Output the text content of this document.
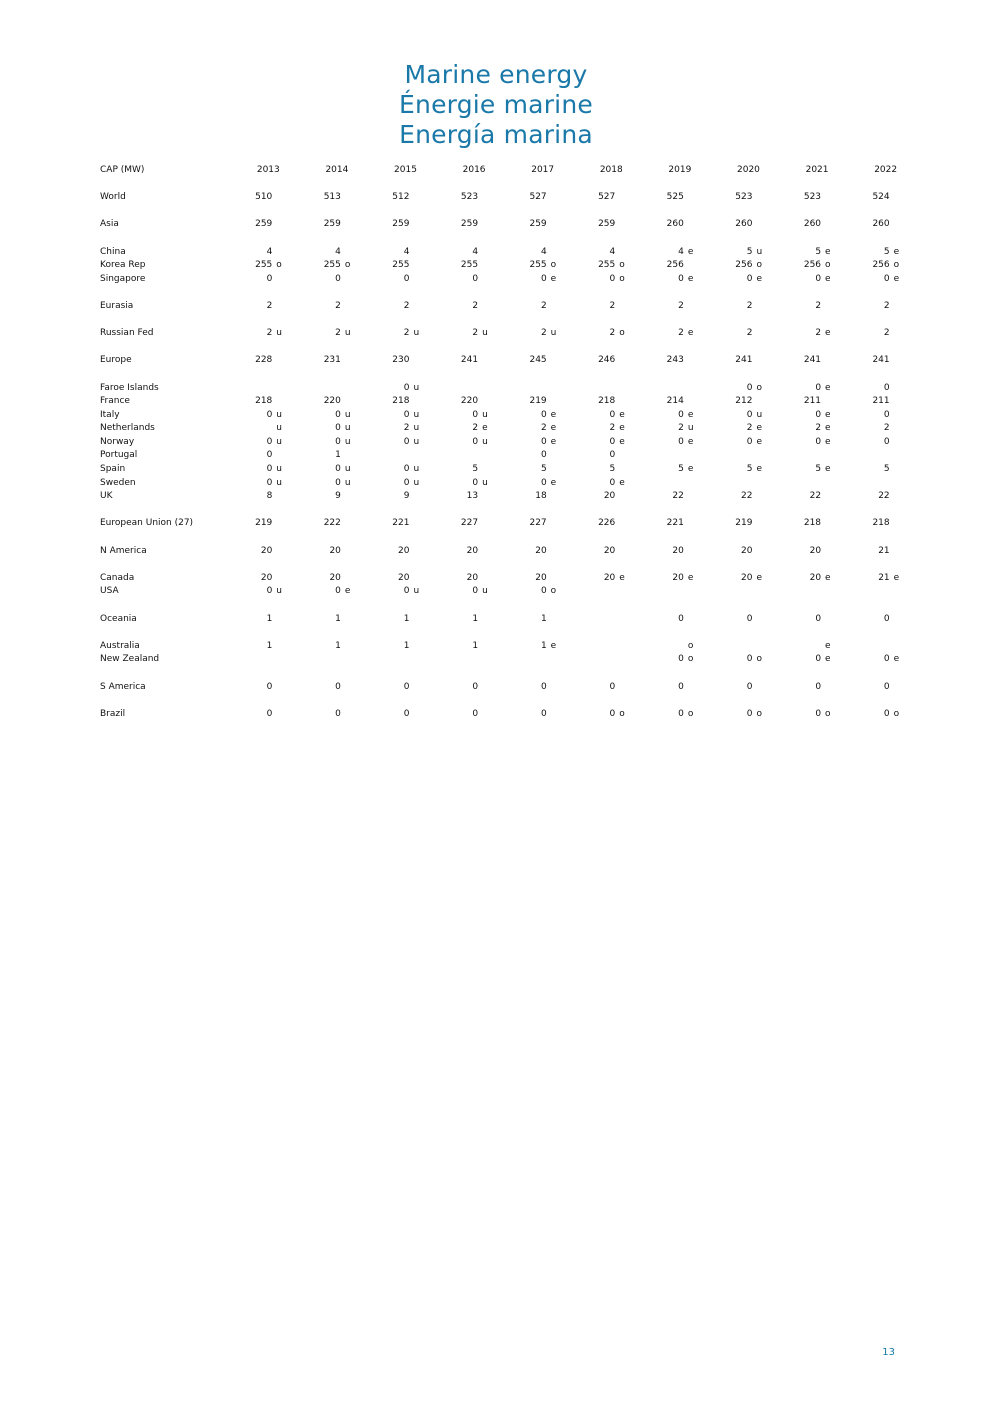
Marine energy
Énergie marine
Energía marina
CAP (MW)	2013	2014	2015	2016	2017	2018	2019	2020	2021	2022

World	510	513	512	523	527	527	525	523	523	524

Asia	259	259	259	259	259	259	260	260	260	260

China	4	4	4	4	4	4	4 e	5 u	5 e	5 e
Korea Rep	255 o	255 o	255	255	255 o	255 o	256	256 o	256 o	256 o
Singapore	0	0	0	0	0 e	0 o	0 e	0 e	0 e	0 e

Eurasia	2	2	2	2	2	2	2	2	2	2

Russian Fed	2 u	2 u	2 u	2 u	2 u	2 o	2 e	2	2 e	2

Europe	228	231	230	241	245	246	243	241	241	241

Faroe Islands			0 u					0 o	0 e	0
France	218	220	218	220	219	218	214	212	211	211
Italy	0 u	0 u	0 u	0 u	0 e	0 e	0 e	0 u	0 e	0
Netherlands	u	0 u	2 u	2 e	2 e	2 e	2 u	2 e	2 e	2
Norway	0 u	0 u	0 u	0 u	0 e	0 e	0 e	0 e	0 e	0
Portugal	0	1			0	0				
Spain	0 u	0 u	0 u	5	5	5	5 e	5 e	5 e	5
Sweden	0 u	0 u	0 u	0 u	0 e	0 e				
UK	8	9	9	13	18	20	22	22	22	22

European Union (27)	219	222	221	227	227	226	221	219	218	218

N America	20	20	20	20	20	20	20	20	20	21

Canada	20	20	20	20	20	20 e	20 e	20 e	20 e	21 e
USA	0 u	0 e	0 u	0 u	0 o					

Oceania	1	1	1	1	1		0	0	0	0

Australia	1	1	1	1	1 e		o		e	
New Zealand							0 o	0 o	0 e	0 e

S America	0	0	0	0	0	0	0	0	0	0

Brazil	0	0	0	0	0	0 o	0 o	0 o	0 o	0 o
13
